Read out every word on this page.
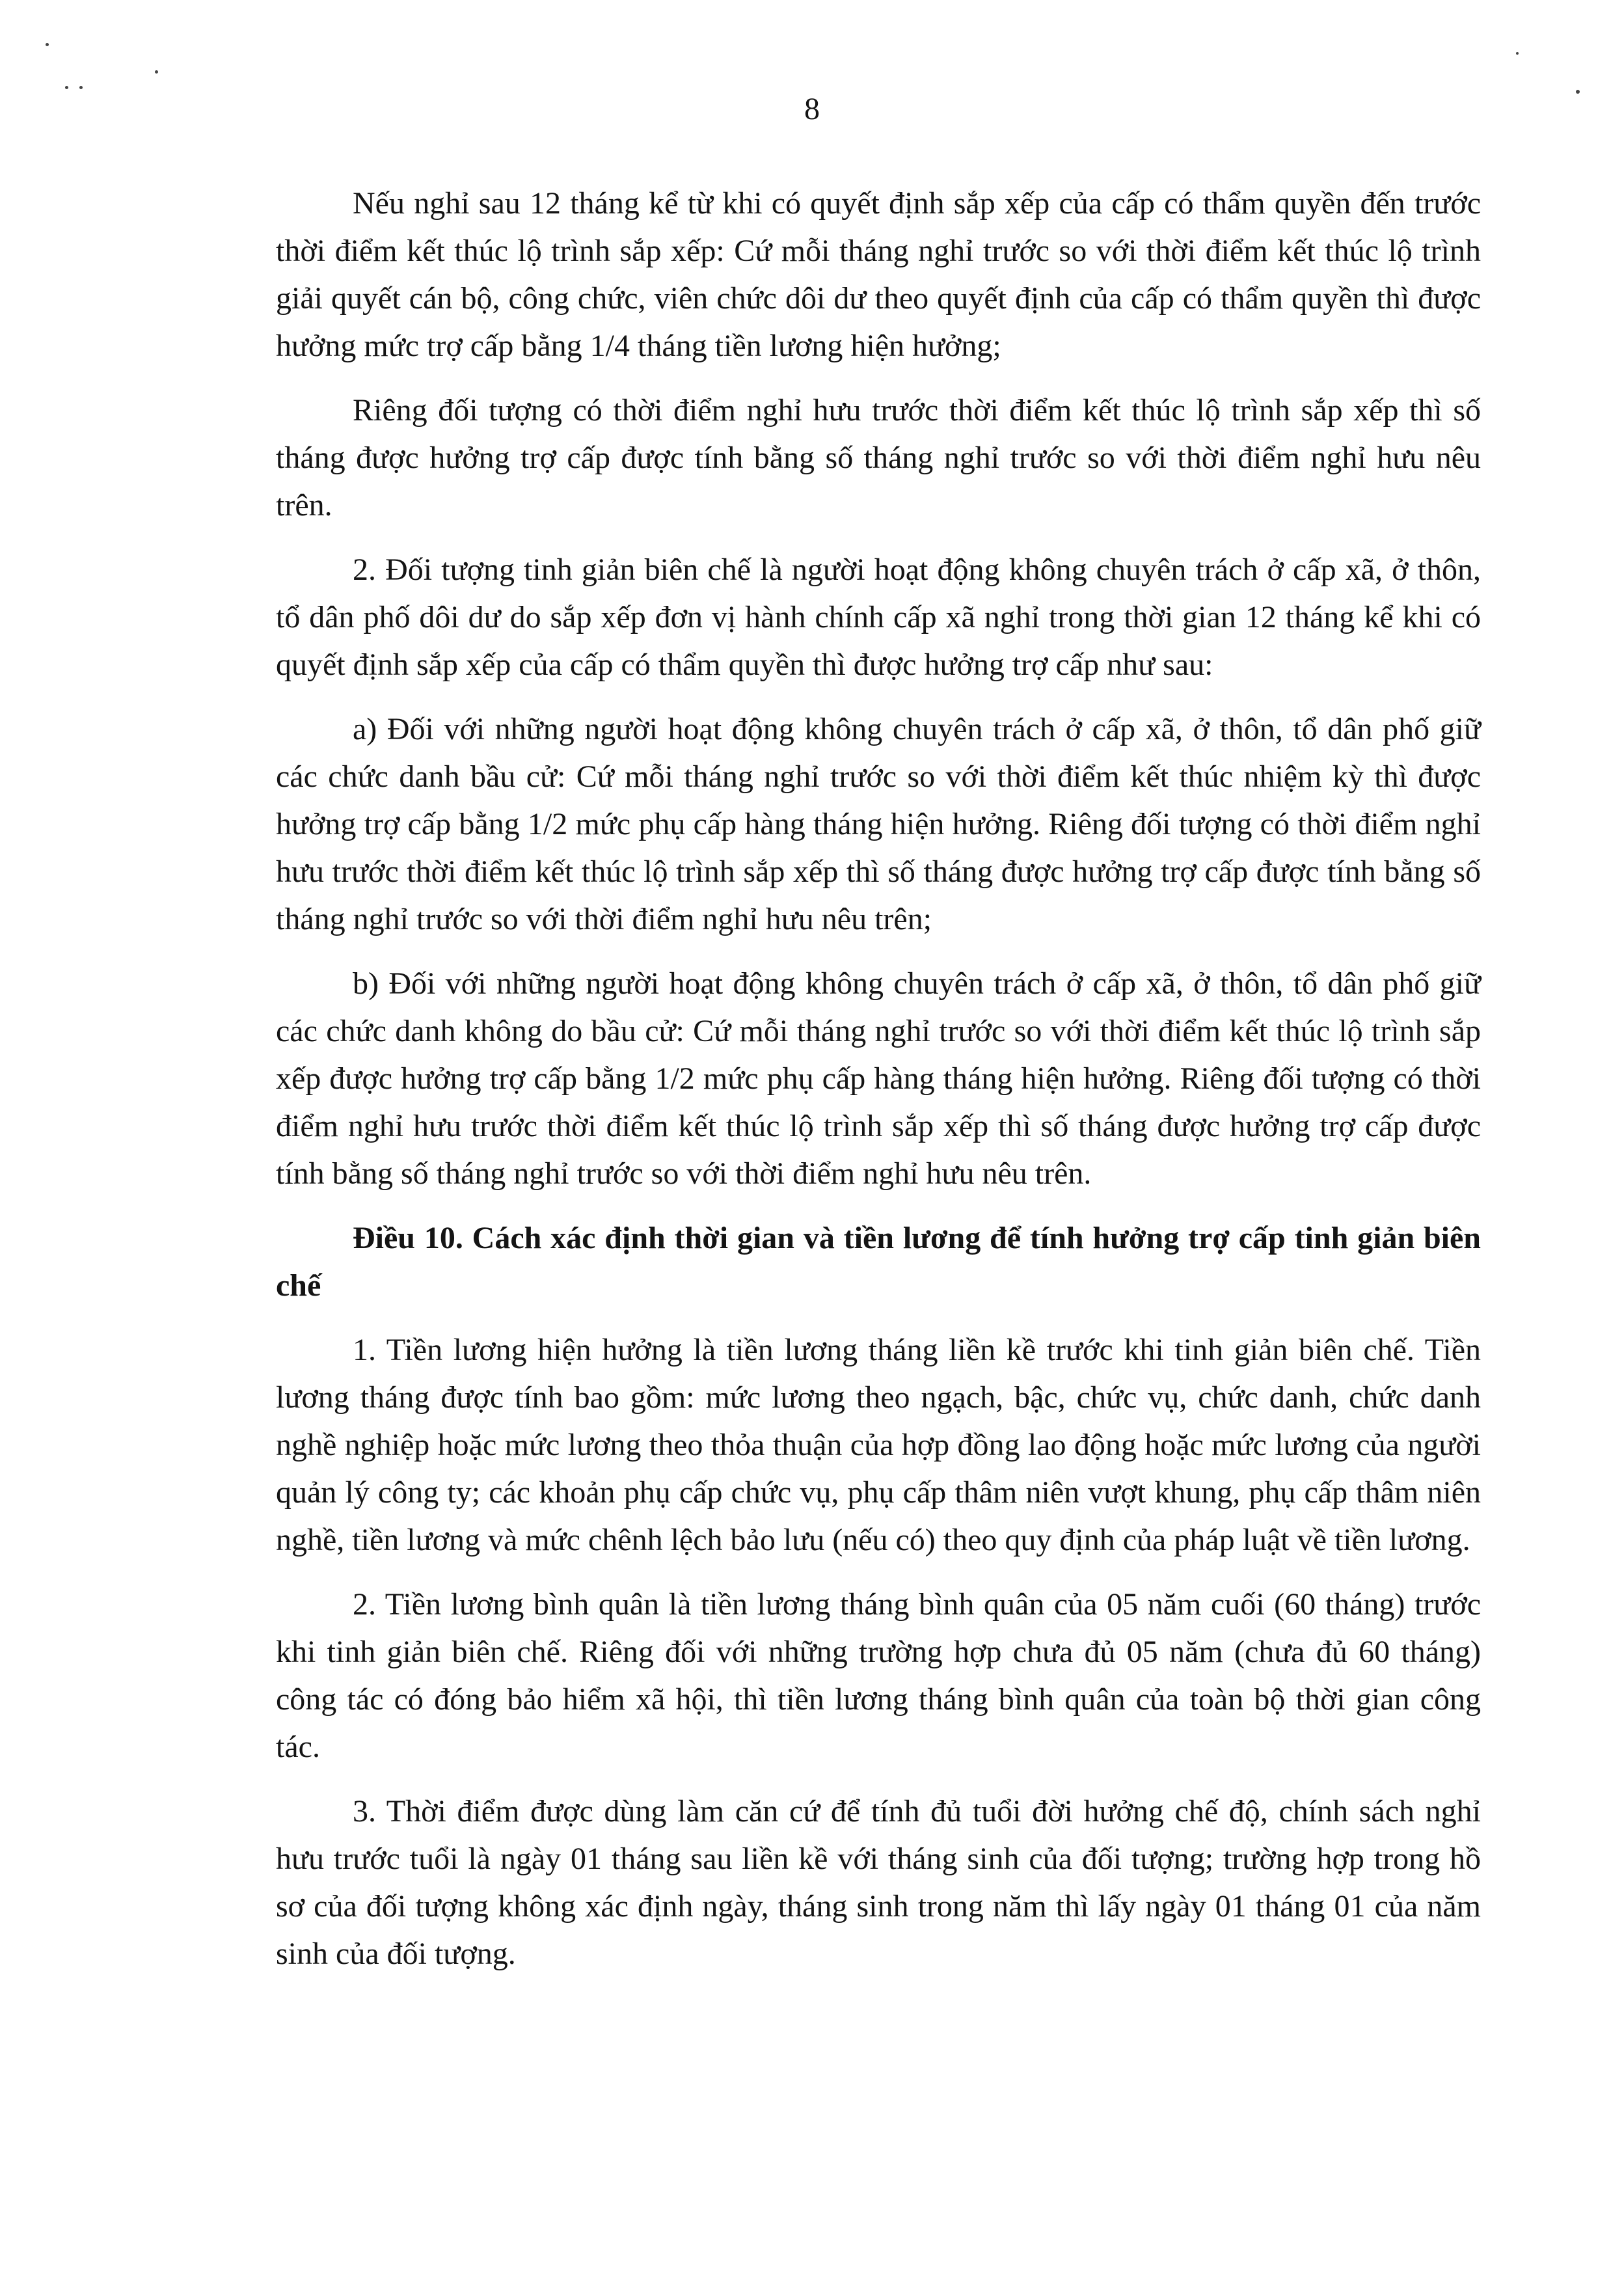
8

Nếu nghỉ sau 12 tháng kể từ khi có quyết định sắp xếp của cấp có thẩm quyền đến trước thời điểm kết thúc lộ trình sắp xếp: Cứ mỗi tháng nghỉ trước so với thời điểm kết thúc lộ trình giải quyết cán bộ, công chức, viên chức dôi dư theo quyết định của cấp có thẩm quyền thì được hưởng mức trợ cấp bằng 1/4 tháng tiền lương hiện hưởng;

Riêng đối tượng có thời điểm nghỉ hưu trước thời điểm kết thúc lộ trình sắp xếp thì số tháng được hưởng trợ cấp được tính bằng số tháng nghỉ trước so với thời điểm nghỉ hưu nêu trên.

2. Đối tượng tinh giản biên chế là người hoạt động không chuyên trách ở cấp xã, ở thôn, tổ dân phố dôi dư do sắp xếp đơn vị hành chính cấp xã nghỉ trong thời gian 12 tháng kể khi có quyết định sắp xếp của cấp có thẩm quyền thì được hưởng trợ cấp như sau:

a) Đối với những người hoạt động không chuyên trách ở cấp xã, ở thôn, tổ dân phố giữ các chức danh bầu cử: Cứ mỗi tháng nghỉ trước so với thời điểm kết thúc nhiệm kỳ thì được hưởng trợ cấp bằng 1/2 mức phụ cấp hàng tháng hiện hưởng. Riêng đối tượng có thời điểm nghỉ hưu trước thời điểm kết thúc lộ trình sắp xếp thì số tháng được hưởng trợ cấp được tính bằng số tháng nghỉ trước so với thời điểm nghỉ hưu nêu trên;

b) Đối với những người hoạt động không chuyên trách ở cấp xã, ở thôn, tổ dân phố giữ các chức danh không do bầu cử: Cứ mỗi tháng nghỉ trước so với thời điểm kết thúc lộ trình sắp xếp được hưởng trợ cấp bằng 1/2 mức phụ cấp hàng tháng hiện hưởng. Riêng đối tượng có thời điểm nghỉ hưu trước thời điểm kết thúc lộ trình sắp xếp thì số tháng được hưởng trợ cấp được tính bằng số tháng nghỉ trước so với thời điểm nghỉ hưu nêu trên.

Điều 10. Cách xác định thời gian và tiền lương để tính hưởng trợ cấp tinh giản biên chế

1. Tiền lương hiện hưởng là tiền lương tháng liền kề trước khi tinh giản biên chế. Tiền lương tháng được tính bao gồm: mức lương theo ngạch, bậc, chức vụ, chức danh, chức danh nghề nghiệp hoặc mức lương theo thỏa thuận của hợp đồng lao động hoặc mức lương của người quản lý công ty; các khoản phụ cấp chức vụ, phụ cấp thâm niên vượt khung, phụ cấp thâm niên nghề, tiền lương và mức chênh lệch bảo lưu (nếu có) theo quy định của pháp luật về tiền lương.

2. Tiền lương bình quân là tiền lương tháng bình quân của 05 năm cuối (60 tháng) trước khi tinh giản biên chế. Riêng đối với những trường hợp chưa đủ 05 năm (chưa đủ 60 tháng) công tác có đóng bảo hiểm xã hội, thì tiền lương tháng bình quân của toàn bộ thời gian công tác.

3. Thời điểm được dùng làm căn cứ để tính đủ tuổi đời hưởng chế độ, chính sách nghỉ hưu trước tuổi là ngày 01 tháng sau liền kề với tháng sinh của đối tượng; trường hợp trong hồ sơ của đối tượng không xác định ngày, tháng sinh trong năm thì lấy ngày 01 tháng 01 của năm sinh của đối tượng.
